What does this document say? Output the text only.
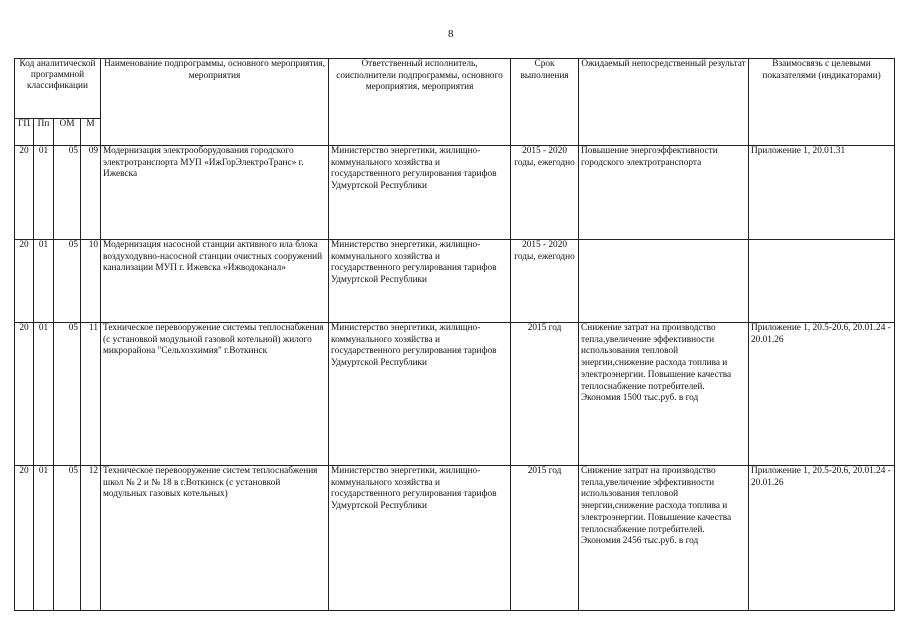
8
Код аналитической программной классификации				Наименование подпрограммы, основного мероприятия, мероприятия	Ответственный исполнитель, соисполнители подпрограммы, основного мероприятия, мероприятия	Срок выполнения	Ожидаемый непосредственный результат	Взаимосвязь с целевыми показателями (индикаторами)
ГП	Пп	ОМ	М					
20	01	05	09	Модернизация электрооборудования городского электротранспорта МУП «ИжГорЭлектроТранс» г. Ижевска	Министерство энергетики, жилищно-коммунального хозяйства и государственного регулирования тарифов Удмуртской Республики	2015 - 2020 годы, ежегодно	Повышение энергоэффективности городского электротранспорта	Приложение 1, 20.01.31
20	01	05	10	Модернизация насосной станции активного ила блока воздуходувно-насосной станции очистных сооружений канализации МУП г. Ижевска «Ижводоканал»	Министерство энергетики, жилищно-коммунального хозяйства и государственного регулирования тарифов Удмуртской Республики	2015 - 2020 годы, ежегодно		
20	01	05	11	Техническое перевооружение системы теплоснабжения (с установкой модульной газовой котельной) жилого микрорайона "Сельхозхимия" г.Воткинск	Министерство энергетики, жилищно-коммунального хозяйства и государственного регулирования тарифов Удмуртской Республики	2015 год	Снижение затрат на производство тепла,увеличение эффективности использования тепловой энергии,снижение расхода топлива и электроэнергии. Повышение качества теплоснабжение потребителей. Экономия 1500 тыс.руб. в год	Приложение 1, 20.5-20.6, 20.01.24 - 20.01.26
20	01	05	12	Техническое перевооружение систем теплоснабжения школ № 2 и № 18 в г.Воткинск (с установкой модульных газовых котельных)	Министерство энергетики, жилищно-коммунального хозяйства и государственного регулирования тарифов Удмуртской Республики	2015 год	Снижение затрат на производство тепла,увеличение эффективности использования тепловой энергии,снижение расхода топлива и электроэнергии. Повышение качества теплоснабжение потребителей. Экономия 2456 тыс.руб. в год	Приложение 1, 20.5-20.6, 20.01.24 - 20.01.26
